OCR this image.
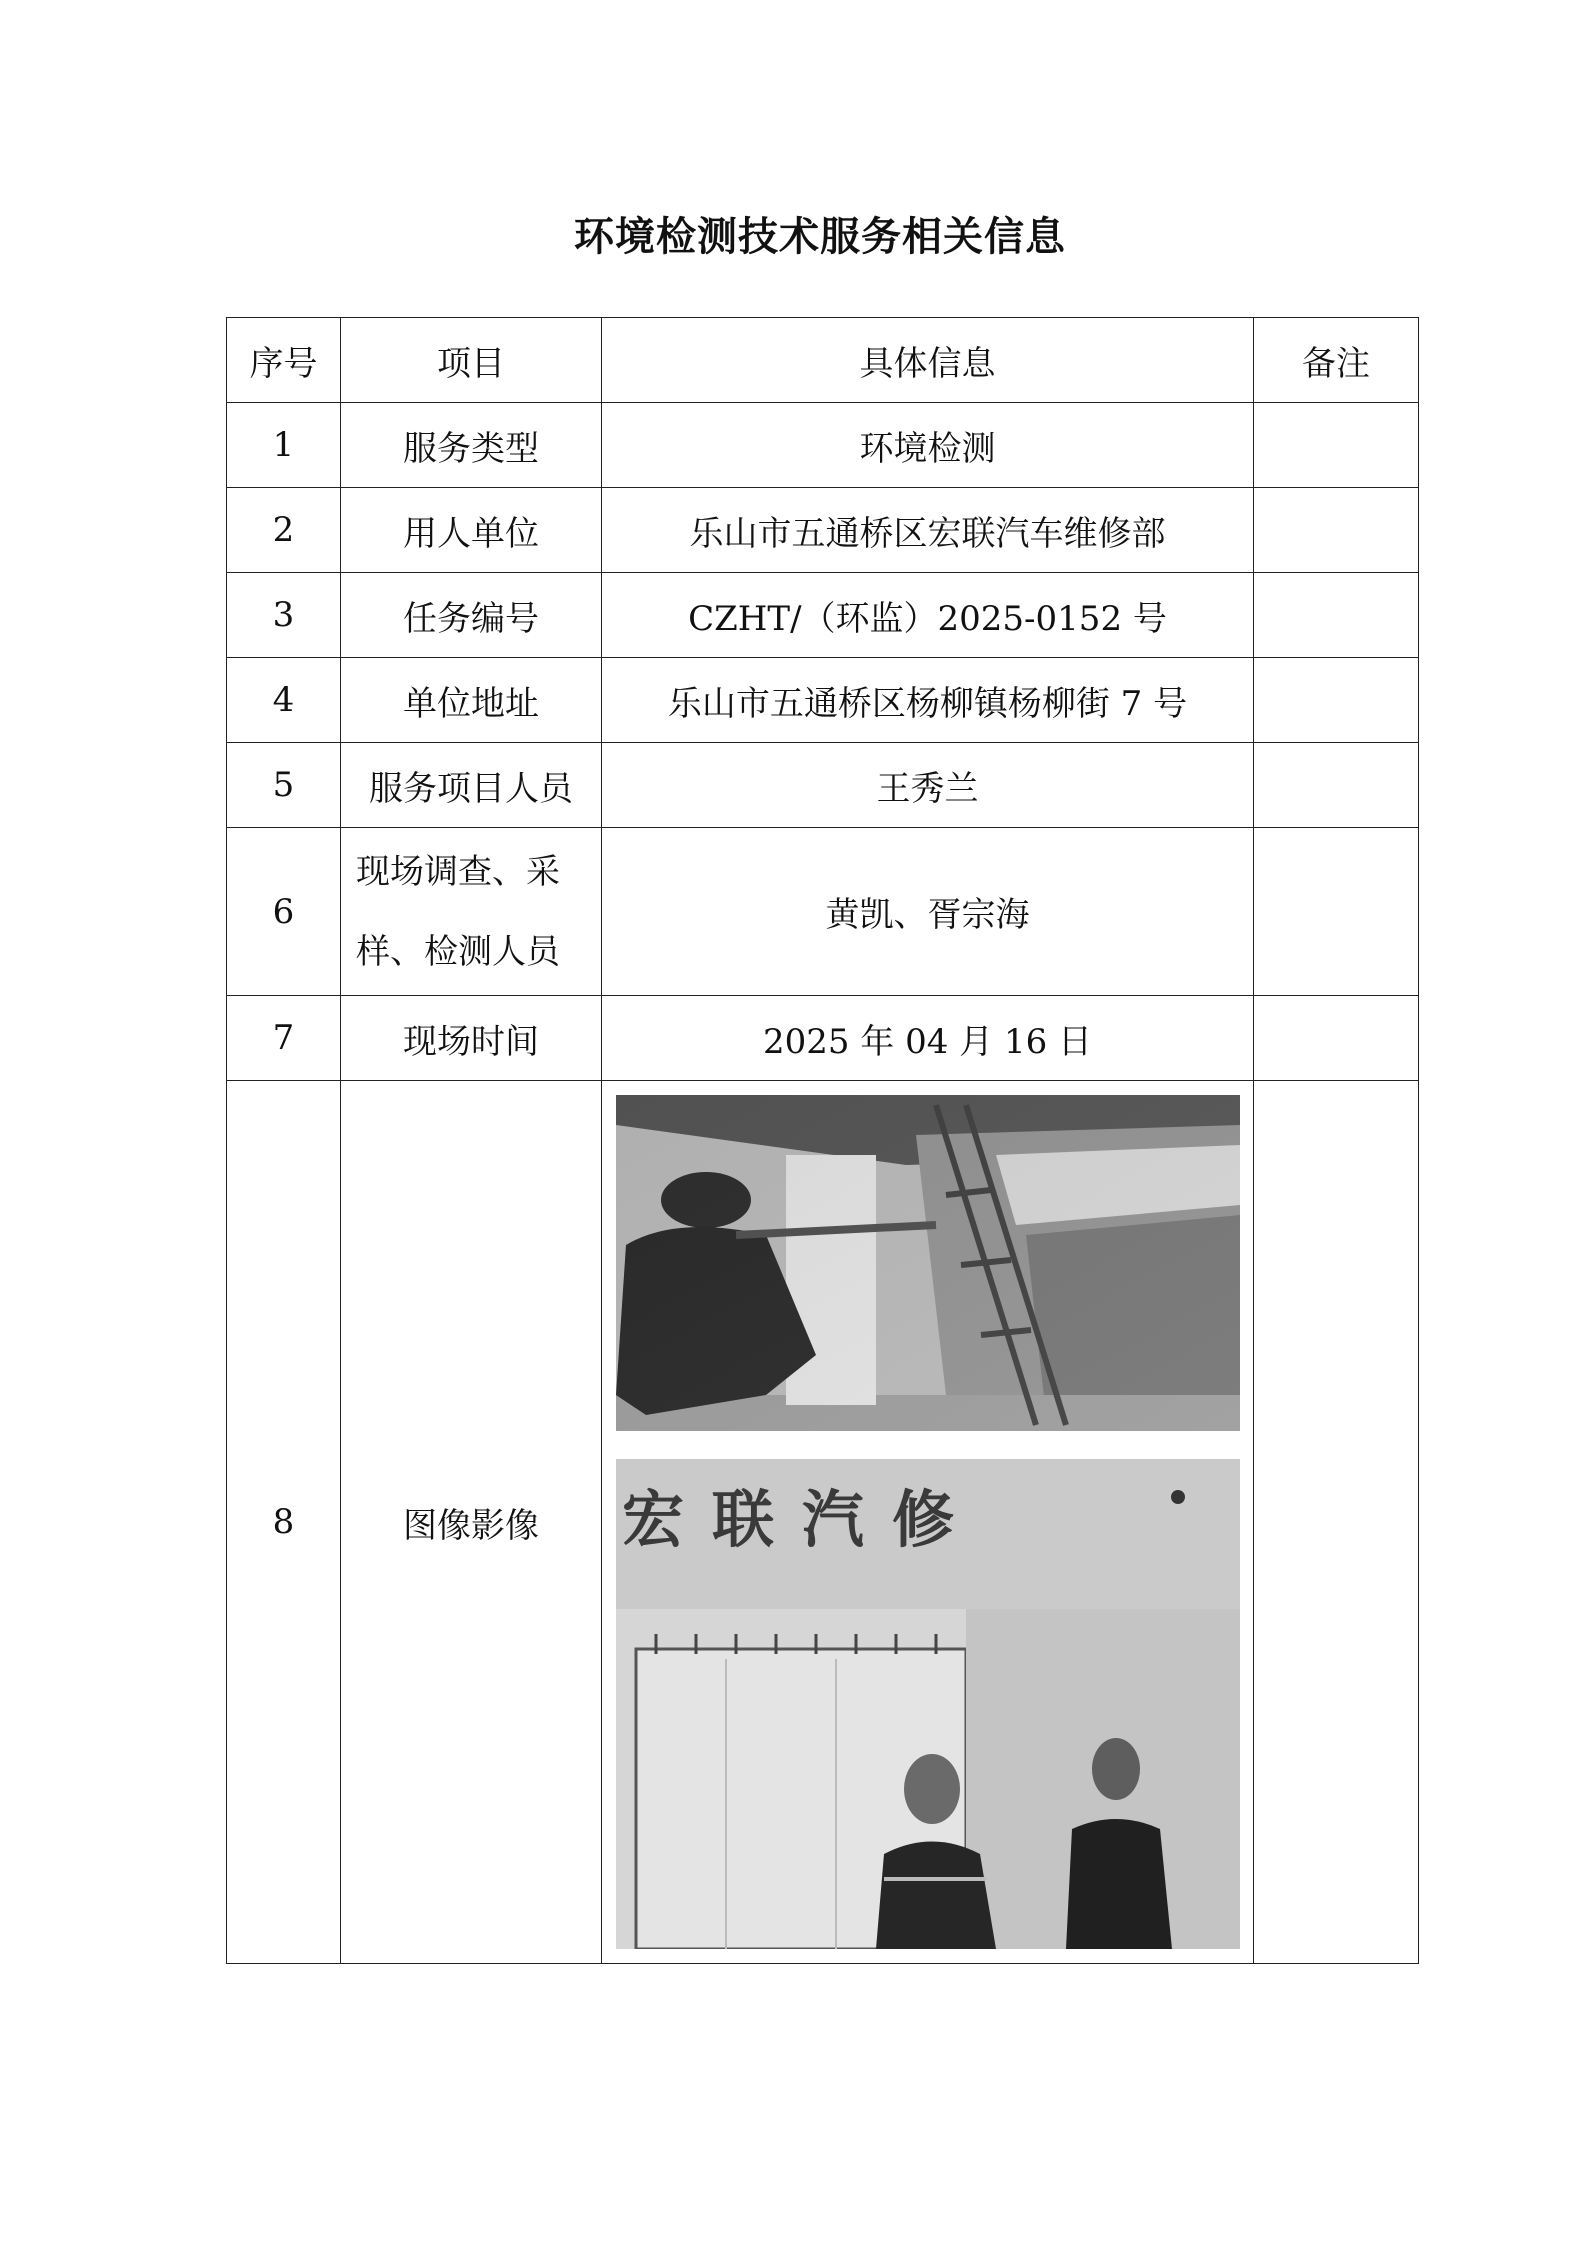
环境检测技术服务相关信息
序号	项目	具体信息	备注
1	服务类型	环境检测	
2	用人单位	乐山市五通桥区宏联汽车维修部	
3	任务编号	CZHT/（环监）2025-0152 号	
4	单位地址	乐山市五通桥区杨柳镇杨柳街 7 号	
5	服务项目人员	王秀兰	
6	现场调查、采样、检测人员	黄凯、胥宗海	
7	现场时间	2025 年 04 月 16 日	
8	图像影像	宏联汽修	
